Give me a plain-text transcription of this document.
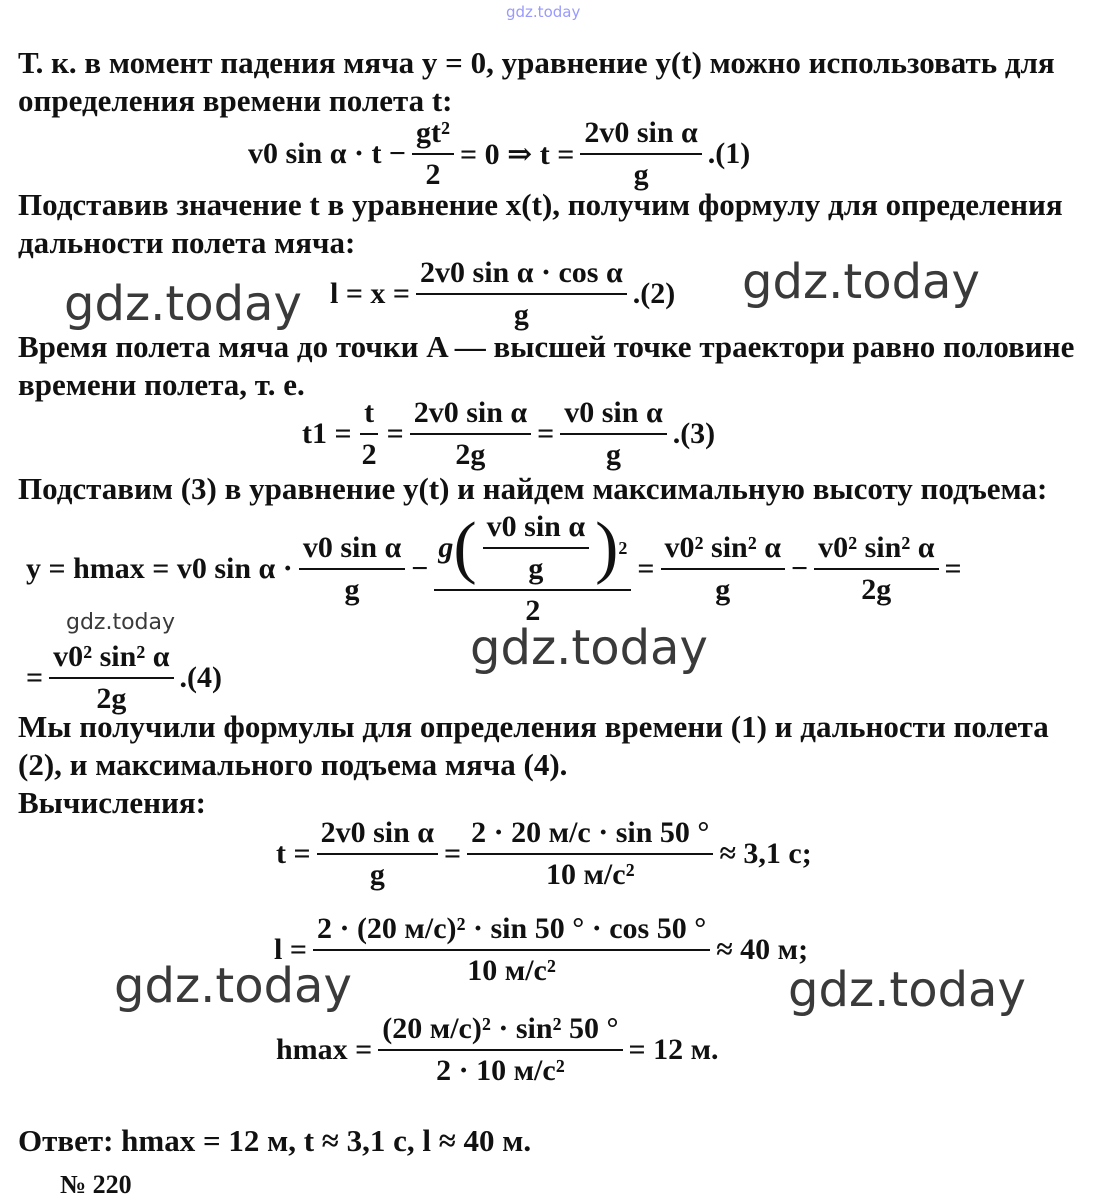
gdz.today
Т. к. в момент падения мяча y = 0, уравнение y(t) можно использовать для
определения времени полета t:
v0 $\sin \alpha \cdot t - \frac{\text{gt²}}{2} = 0$ ⇒ $t = \frac{\text{2v0 sin α}}{g} .(1)$
Подставив значение t в уравнение x(t), получим формулу для определения
дальности полета мяча:
$l = x = \frac{\text{2v0 sin α · cos α}}{g} .(2)$
gdz.today	gdz.today
Время полета мяча до точки A — высшей точке траектори равно половине
времени полета, т. е.
$t1 = \frac{t}{2} = \frac{\text{2v0 sin α}}{2g} = \frac{\text{v0 sin α}}{g} .(3)$
Подставим (3) в уравнение y(t) и найдем максимальную высоту подъема:
y = hmax = v0 $\sin \alpha \cdot \frac{\text{v0 sin α}}{g} - \frac{g ( \frac{\text{v0 sin α}}{g} ) 2}{2} = \frac{\text{v0² sin² α}}{g} - \frac{\text{v0² sin² α}}{2g}$ =
gdz.today
= $\frac{\text{v0² sin² α}}{2g} .(4)$
gdz.today
Мы получили формулы для определения времени (1) и дальности полета
(2), и максимального подъема мяча (4).
Вычисления:
$t = \frac{\text{2v0 sin α}}{g} = \frac{2 \cdot 20 м/с \cdot \sin 50 ^\circ}{\text{10 м/с²}} \approx 3,1$ с;
$l = \frac{\text{2 · (20 м/с)² · sin 50 ° · cos 50 °}}{\text{10 м/с²}} \approx 40$ м;
gdz.today	gdz.today
$hmax = \frac{\text{(20 м/с)² · sin² 50 °}}{\text{2 · 10 м/с²}} = 12$ м.
Ответ: hmax = 12 м, t ≈ 3,1 с, l ≈ 40 м.
№ 220
